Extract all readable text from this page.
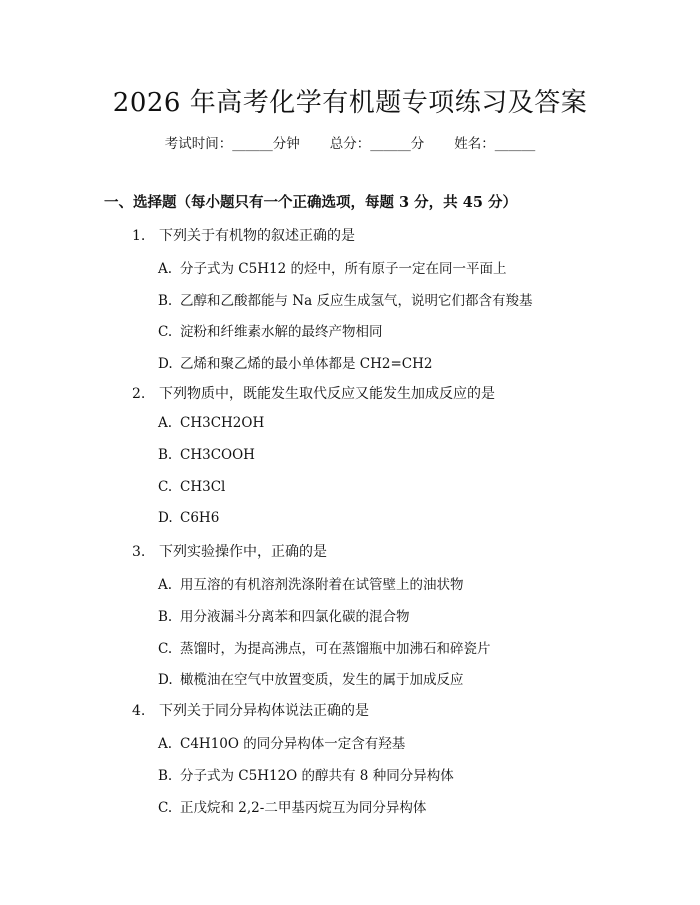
2026 年高考化学有机题专项练习及答案
考试时间：______分钟 总分：______分 姓名：______
一、选择题（每小题只有一个正确选项，每题 3 分，共 45 分）
1. 下列关于有机物的叙述正确的是
A. 分子式为 C5H12 的烃中，所有原子一定在同一平面上
B. 乙醇和乙酸都能与 Na 反应生成氢气，说明它们都含有羧基
C. 淀粉和纤维素水解的最终产物相同
D. 乙烯和聚乙烯的最小单体都是 CH2=CH2
2. 下列物质中，既能发生取代反应又能发生加成反应的是
A. CH3CH2OH
B. CH3COOH
C. CH3Cl
D. C6H6
3. 下列实验操作中，正确的是
A. 用互溶的有机溶剂洗涤附着在试管壁上的油状物
B. 用分液漏斗分离苯和四氯化碳的混合物
C. 蒸馏时，为提高沸点，可在蒸馏瓶中加沸石和碎瓷片
D. 橄榄油在空气中放置变质，发生的属于加成反应
4. 下列关于同分异构体说法正确的是
A. C4H10O 的同分异构体一定含有羟基
B. 分子式为 C5H12O 的醇共有 8 种同分异构体
C. 正戊烷和 2,2-二甲基丙烷互为同分异构体
